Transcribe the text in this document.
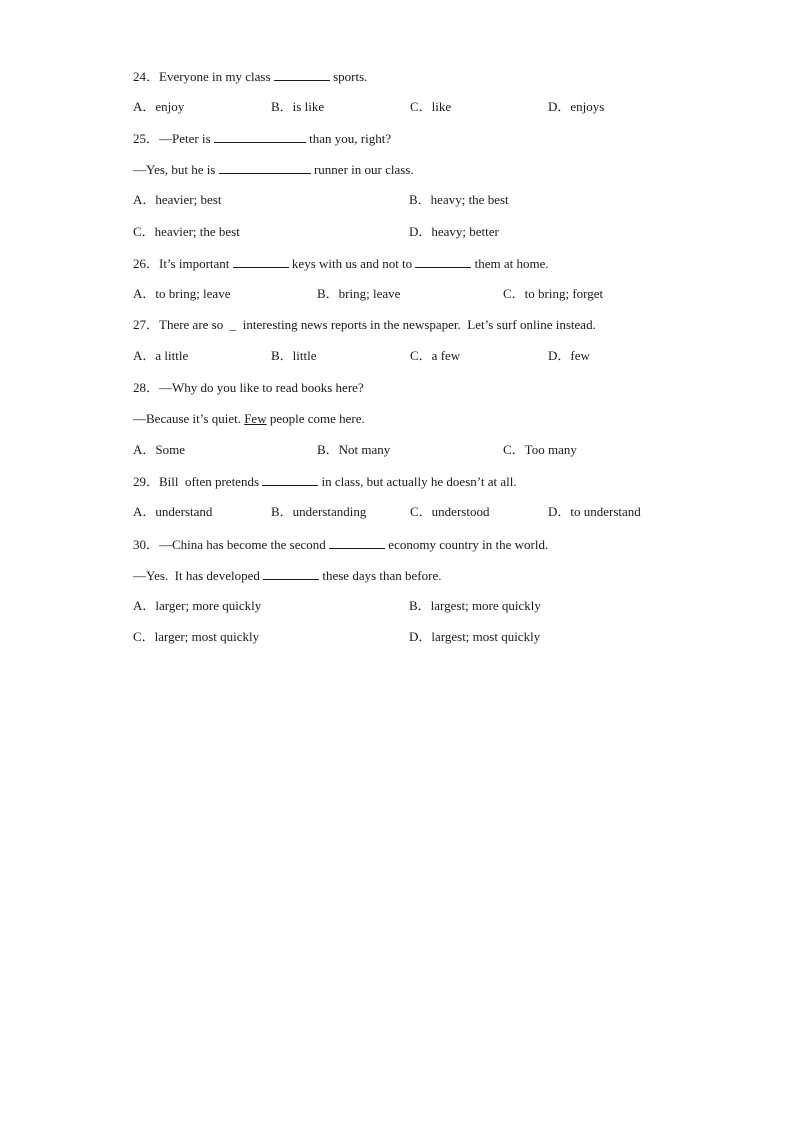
24．Everyone in my class	sports.
A．enjoy	B．is like	C．like	D．enjoys
25．—Peter is	than you, right?
—Yes, but he is	runner in our class.
A．heavier; best	B．heavy; the best
C．heavier; the best	D．heavy; better
26．It’s important	keys with us and not to	them at home.
A．to bring; leave	B．bring; leave	C．to bring; forget
27．There are so  _  interesting news reports in the newspaper.  Let’s surf online instead.
A．a little	B．little	C．a few	D．few
28．—Why do you like to read books here?
—Because it’s quiet. Few people come here.
A．Some	B．Not many	C．Too many
29．Bill  often pretends	in class, but actually he doesn’t at all.
A．understand	B．understanding	C．understood	D．to understand
30．—China has become the second	economy country in the world.
—Yes.  It has developed	these days than before.
A．larger; more quickly	B．largest; more quickly
C．larger; most quickly	D．largest; most quickly
